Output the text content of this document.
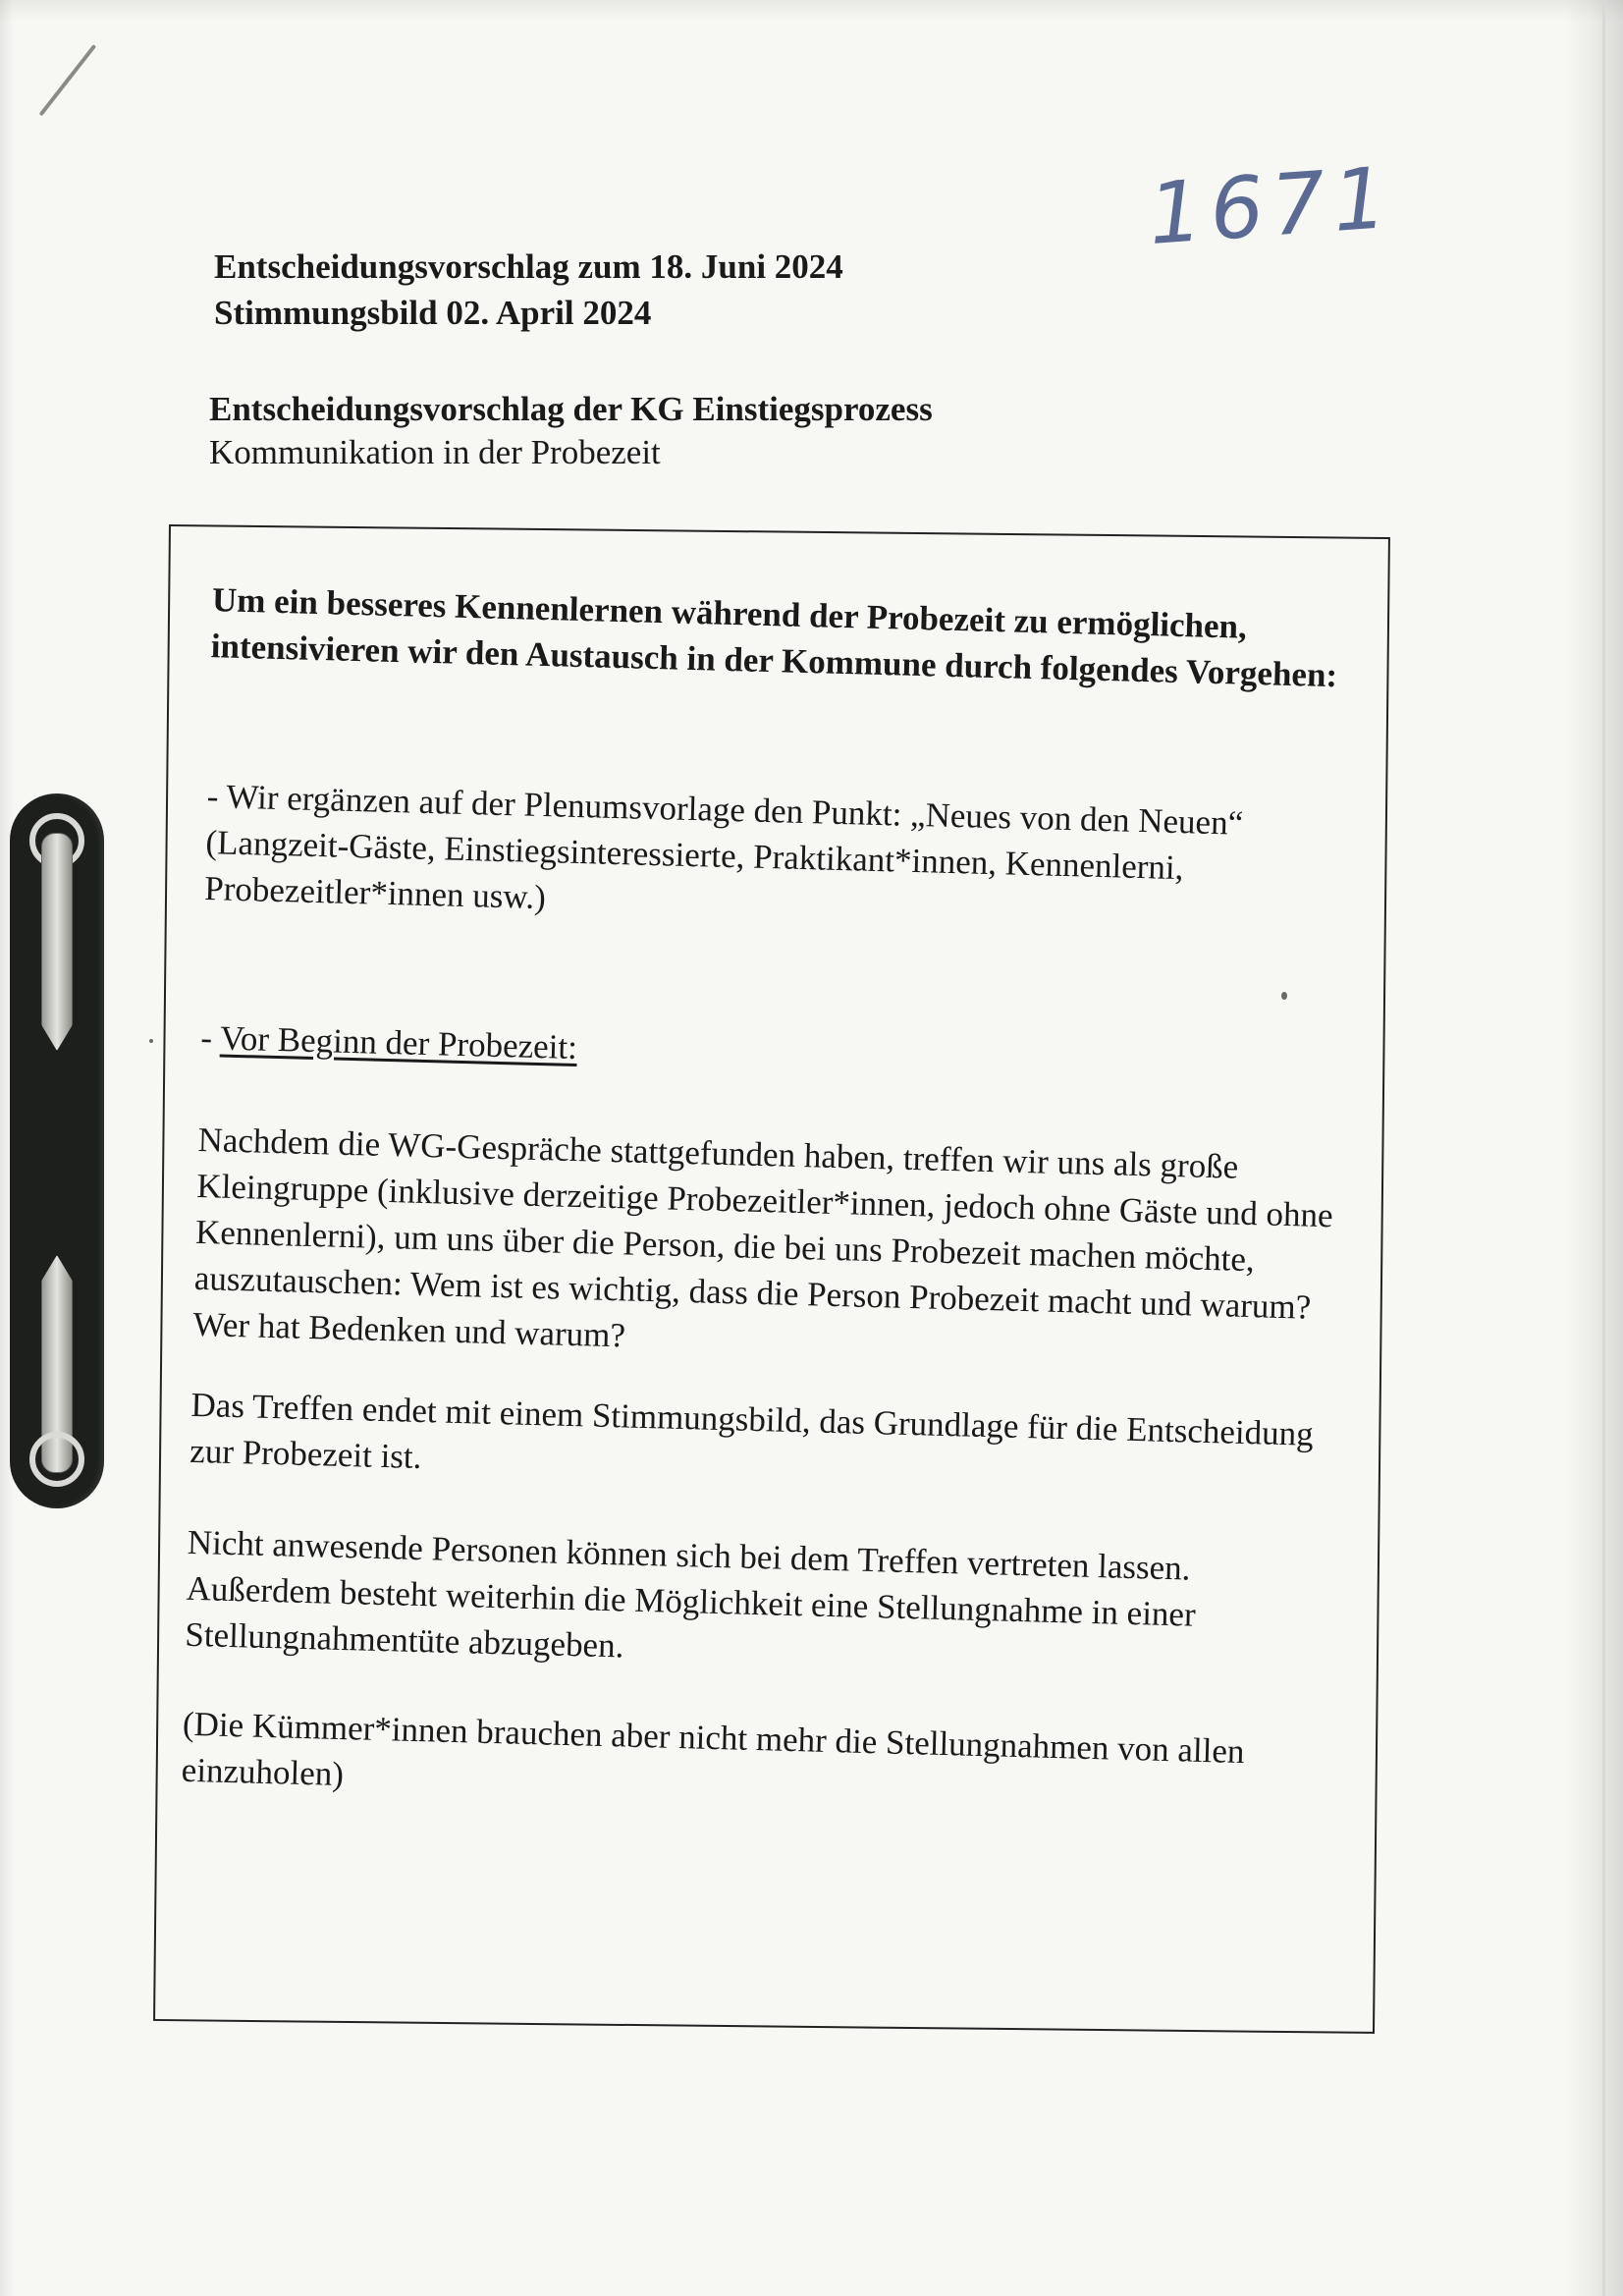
1671
Entscheidungsvorschlag zum 18. Juni 2024
Stimmungsbild 02. April 2024
Entscheidungsvorschlag der KG Einstiegsprozess
Kommunikation in der Probezeit
Um ein besseres Kennenlernen während der Probezeit zu ermöglichen, intensivieren wir den Austausch in der Kommune durch folgendes Vorgehen:
- Wir ergänzen auf der Plenumsvorlage den Punkt: „Neues von den Neuen“ (Langzeit-Gäste, Einstiegsinteressierte, Praktikant*innen, Kennenlerni, Probezeitler*innen usw.)
- Vor Beginn der Probezeit:
Nachdem die WG-Gespräche stattgefunden haben, treffen wir uns als große Kleingruppe (inklusive derzeitige Probezeitler*innen, jedoch ohne Gäste und ohne Kennenlerni), um uns über die Person, die bei uns Probezeit machen möchte, auszutauschen: Wem ist es wichtig, dass die Person Probezeit macht und warum? Wer hat Bedenken und warum?
Das Treffen endet mit einem Stimmungsbild, das Grundlage für die Entscheidung zur Probezeit ist.
Nicht anwesende Personen können sich bei dem Treffen vertreten lassen. Außerdem besteht weiterhin die Möglichkeit eine Stellungnahme in einer Stellungnahmentüte abzugeben.
(Die Kümmer*innen brauchen aber nicht mehr die Stellungnahmen von allen einzuholen)
